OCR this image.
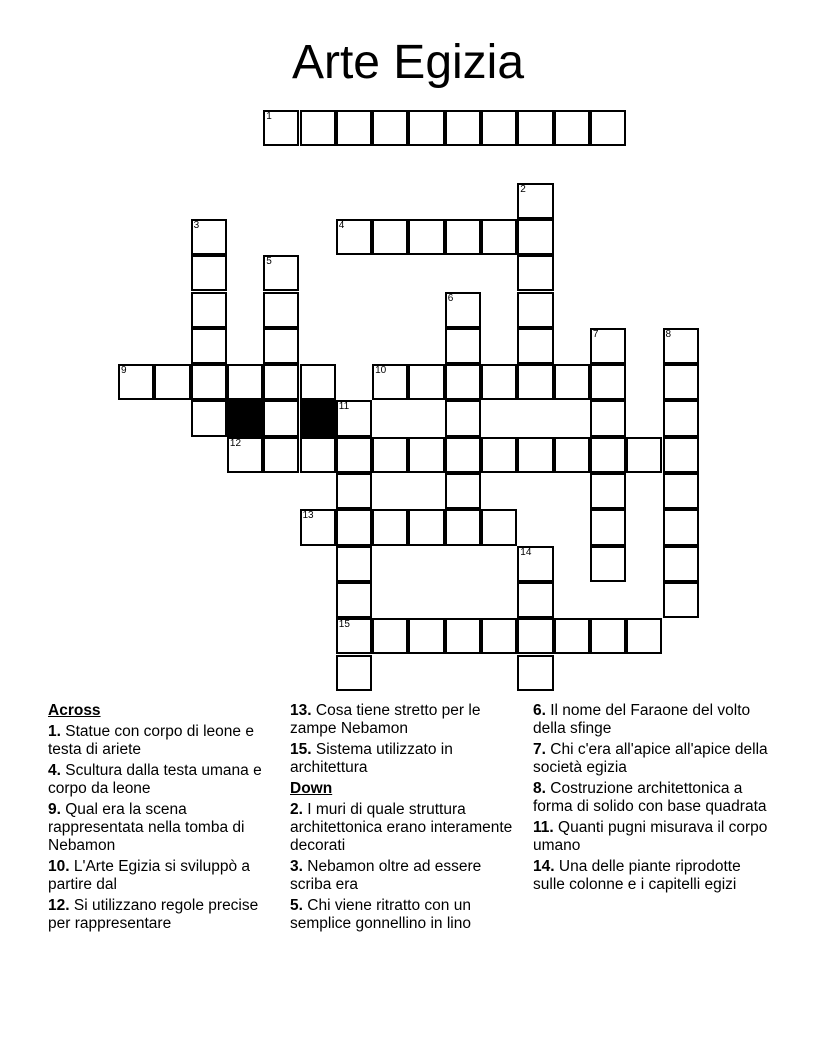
Arte Egizia
1
2
3	4
5
6
7	8
9	10
11
12
13
14
15
Across
1. Statue con corpo di leone e testa di ariete
4. Scultura dalla testa umana e corpo da leone
9. Qual era la scena rappresentata nella tomba di Nebamon
10. L'Arte Egizia si sviluppò a partire dal
12. Si utilizzano regole precise per rappresentare
13. Cosa tiene stretto per le zampe Nebamon
15. Sistema utilizzato in architettura
Down
2. I muri di quale struttura architettonica erano interamente decorati
3. Nebamon oltre ad essere scriba era
5. Chi viene ritratto con un semplice gonnellino in lino
6. Il nome del Faraone del volto della sfinge
7. Chi c'era all'apice all'apice della società egizia
8. Costruzione architettonica a forma di solido con base quadrata
11. Quanti pugni misurava il corpo umano
14. Una delle piante riprodotte sulle colonne e i capitelli egizi
